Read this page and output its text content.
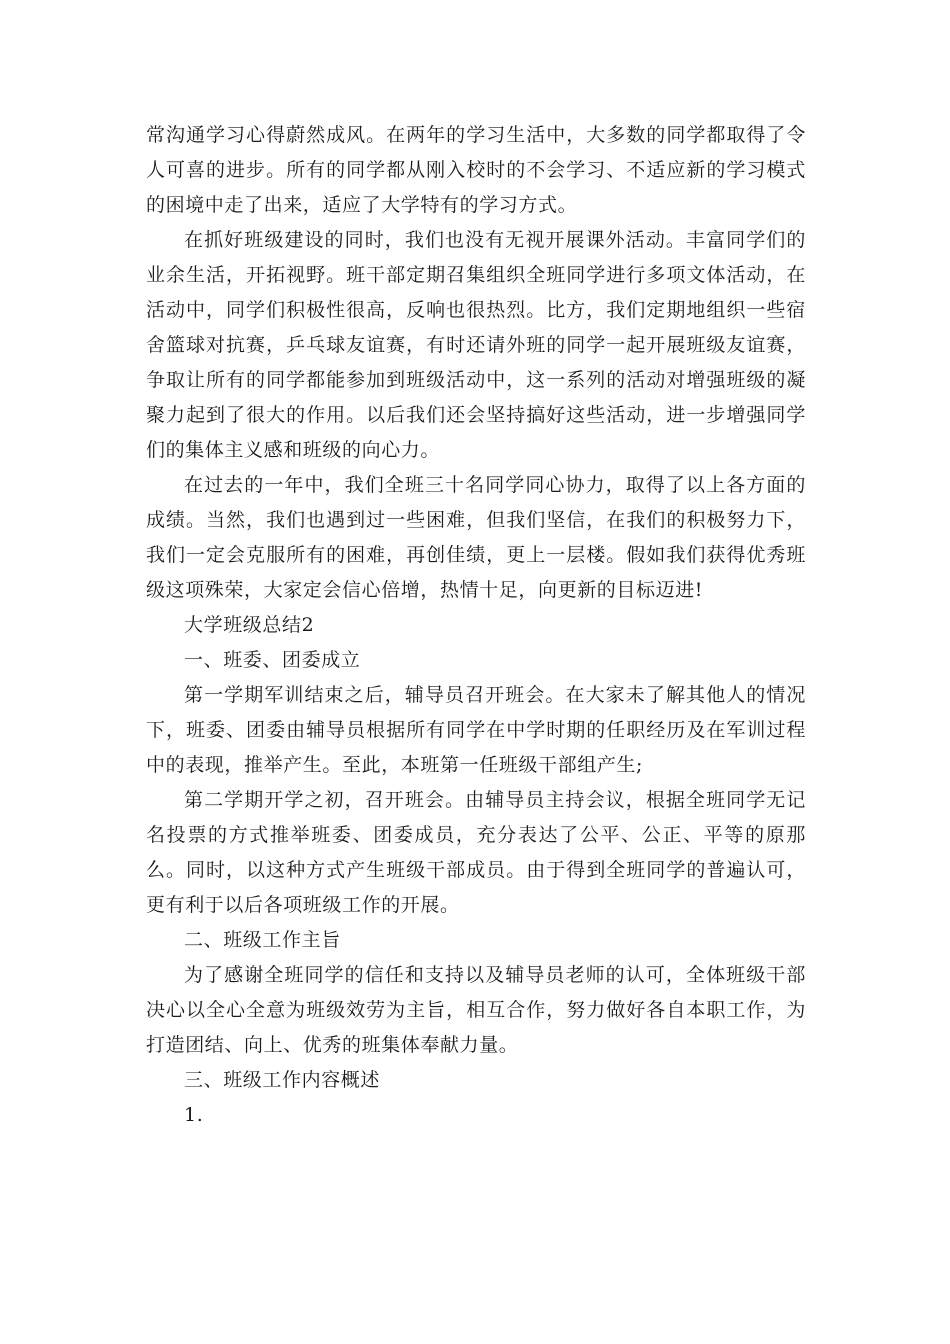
常沟通学习心得蔚然成风。在两年的学习生活中，大多数的同学都取得了令人可喜的进步。所有的同学都从刚入校时的不会学习、不适应新的学习模式的困境中走了出来，适应了大学特有的学习方式。

在抓好班级建设的同时，我们也没有无视开展课外活动。丰富同学们的业余生活，开拓视野。班干部定期召集组织全班同学进行多项文体活动，在活动中，同学们积极性很高，反响也很热烈。比方，我们定期地组织一些宿舍篮球对抗赛，乒乓球友谊赛，有时还请外班的同学一起开展班级友谊赛，争取让所有的同学都能参加到班级活动中，这一系列的活动对增强班级的凝聚力起到了很大的作用。以后我们还会坚持搞好这些活动，进一步增强同学们的集体主义感和班级的向心力。

在过去的一年中，我们全班三十名同学同心协力，取得了以上各方面的成绩。当然，我们也遇到过一些困难，但我们坚信，在我们的积极努力下，我们一定会克服所有的困难，再创佳绩，更上一层楼。假如我们获得优秀班级这项殊荣，大家定会信心倍增，热情十足，向更新的目标迈进!

大学班级总结2

一、班委、团委成立

第一学期军训结束之后，辅导员召开班会。在大家未了解其他人的情况下，班委、团委由辅导员根据所有同学在中学时期的任职经历及在军训过程中的表现，推举产生。至此，本班第一任班级干部组产生;

第二学期开学之初，召开班会。由辅导员主持会议，根据全班同学无记名投票的方式推举班委、团委成员，充分表达了公平、公正、平等的原那么。同时，以这种方式产生班级干部成员。由于得到全班同学的普遍认可，更有利于以后各项班级工作的开展。

二、班级工作主旨

为了感谢全班同学的信任和支持以及辅导员老师的认可，全体班级干部决心以全心全意为班级效劳为主旨，相互合作，努力做好各自本职工作，为打造团结、向上、优秀的班集体奉献力量。

三、班级工作内容概述

1.
